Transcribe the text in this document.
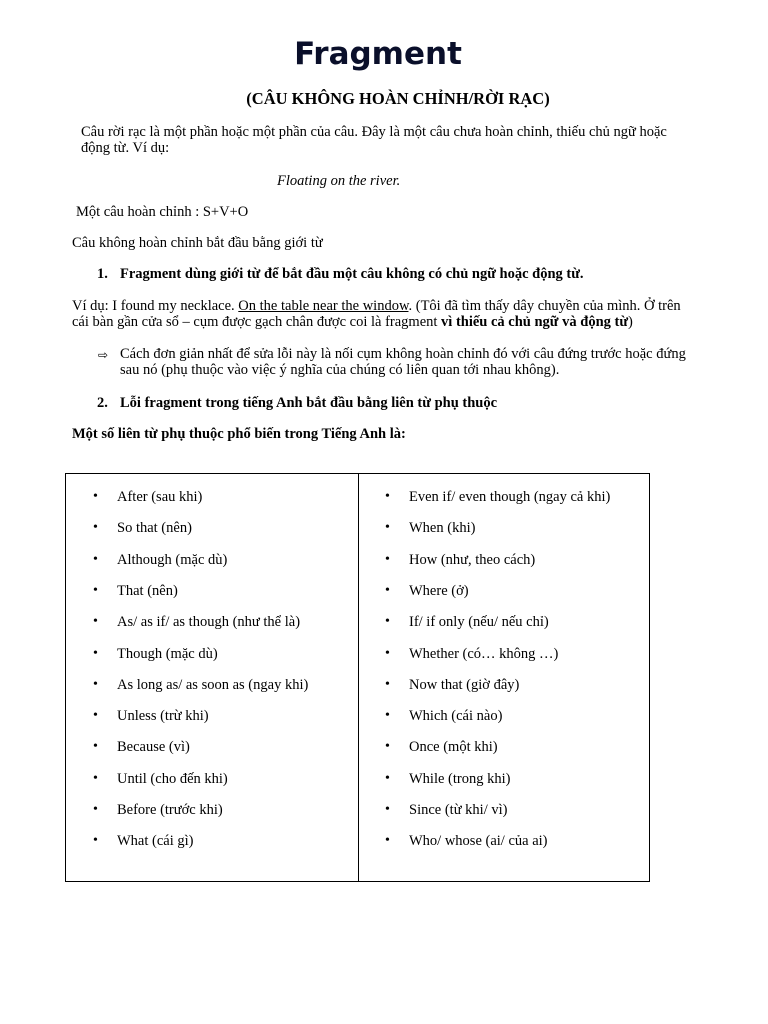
Fragment
(CÂU KHÔNG HOÀN CHỈNH/RỜI RẠC)
Câu rời rạc là một phần hoặc một phần của câu. Đây là một câu chưa hoàn chỉnh, thiếu chủ ngữ hoặc
động từ. Ví dụ:
Floating on the river.
Một câu hoàn chỉnh : S+V+O
Câu không hoàn chỉnh bắt đầu bằng giới từ
1. Fragment dùng giới từ để bắt đầu một câu không có chủ ngữ hoặc động từ.
Ví dụ: I found my necklace. On the table near the window. (Tôi đã tìm thấy dây chuyền của mình. Ở trên
cái bàn gần cửa sổ – cụm được gạch chân được coi là fragment vì thiếu cả chủ ngữ và động từ)
⇨ Cách đơn giản nhất để sửa lỗi này là nối cụm không hoàn chỉnh đó với câu đứng trước hoặc đứng
sau nó (phụ thuộc vào việc ý nghĩa của chúng có liên quan tới nhau không).
2. Lỗi fragment trong tiếng Anh bắt đầu bằng liên từ phụ thuộc
Một số liên từ phụ thuộc phổ biến trong Tiếng Anh là:
• After (sau khi)
• So that (nên)
• Although (mặc dù)
• That (nên)
• As/ as if/ as though (như thể là)
• Though (mặc dù)
• As long as/ as soon as (ngay khi)
• Unless (trừ khi)
• Because (vì)
• Until (cho đến khi)
• Before (trước khi)
• What (cái gì)
• Even if/ even though (ngay cả khi)
• When (khi)
• How (như, theo cách)
• Where (ở)
• If/ if only (nếu/ nếu chỉ)
• Whether (có… không …)
• Now that (giờ đây)
• Which (cái nào)
• Once (một khi)
• While (trong khi)
• Since (từ khi/ vì)
• Who/ whose (ai/ của ai)
